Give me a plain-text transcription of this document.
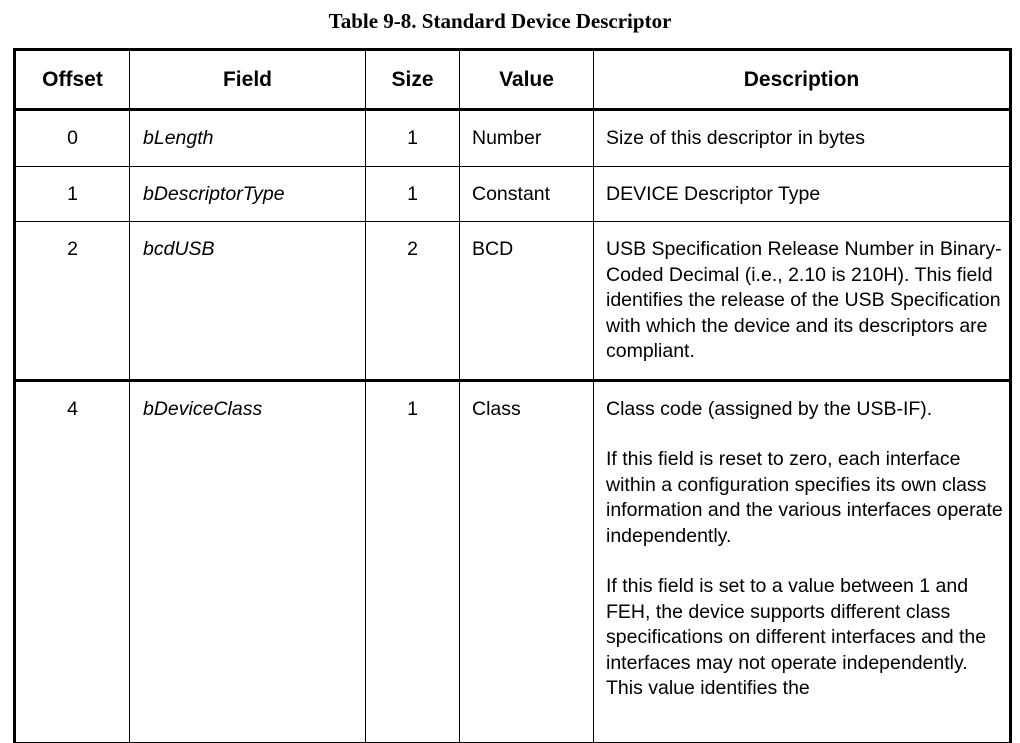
Table 9-8. Standard Device Descriptor
Offset	Field	Size	Value	Description
0	bLength	1	Number	Size of this descriptor in bytes

1	bDescriptorType	1	Constant	DEVICE Descriptor Type

2	bcdUSB	2	BCD	USB Specification Release Number in Binary-Coded Decimal (i.e., 2.10 is 210H). This field identifies the release of the USB Specification with which the device and its descriptors are compliant.

4	bDeviceClass	1	Class	Class code (assigned by the USB-IF).
If this field is reset to zero, each interface within a configuration specifies its own class information and the various interfaces operate independently.
If this field is set to a value between 1 and FEH, the device supports different class specifications on different interfaces and the interfaces may not operate independently. This value identifies the
